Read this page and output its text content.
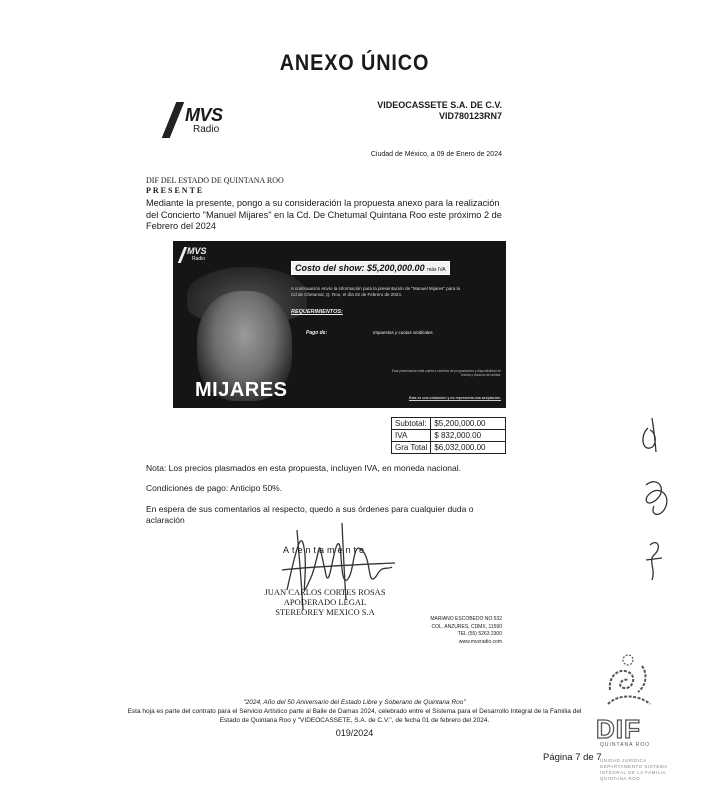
ANEXO ÚNICO
MVS
Radio
VIDEOCASSETE S.A. DE C.V.
VID780123RN7
Ciudad de México, a 09 de Enero de 2024
DIF DEL ESTADO DE QUINTANA ROO
PRESENTE
Mediante la presente, pongo a su consideración la propuesta anexo para la realización del Concierto "Manuel Mijares" en la Cd. De Chetumal Quintana Roo este próximo 2 de Febrero del 2024
MVS
Radio
Costo del show: $5,200,000.00 más IVA
A continuación envío la información para la presentación de "Manuel Mijares" para la Cd de Chetumal, Q. Roo, el día 02 de Febrero de 2024.
REQUERIMIENTOS:
Pago de:	Impuestos y cuotas sindicales
Esta presentación está sujeta a cambios de programación y disponibilidad de fechas y horarios del artista.
Esta es una cotización y no representa una aceptación.
MIJARES
Subtotal:	$5,200,000.00
IVA	$ 832,000.00
Gra Total	$6,032,000.00
Nota: Los precios plasmados en esta propuesta, incluyen IVA, en moneda nacional.
Condiciones de pago: Anticipo 50%.
En espera de sus comentarios al respecto, quedo a sus órdenes para cualquier duda o aclaración
Atentamente
JUAN CARLOS CORTES ROSAS
APODERADO LEGAL
STEREOREY MEXICO S.A
MARIANO ESCOBEDO NO.532
COL. ANZURES, CDMX, 11590
TEL (55) 5263 2300
www.mvsradio.com
DIF
QUINTANA ROO
UNIDAD JURÍDICA
DEPARTAMENTO SISTEMA
INTEGRAL DE LA FAMILIA
QUINTANA ROO
"2024, Año del 50 Aniversario del Estado Libre y Soberano de Quintana Roo"
Esta hoja es parte del contrato para el Servicio Artístico parte al Baile de Damas 2024, celebrado entre el Sistema para el Desarrollo Integral de la Familia del
Estado de Quintana Roo y "VIDEOCASSETE, S.A. de C.V.", de fecha 01 de febrero del 2024.
019/2024
Página 7 de 7
